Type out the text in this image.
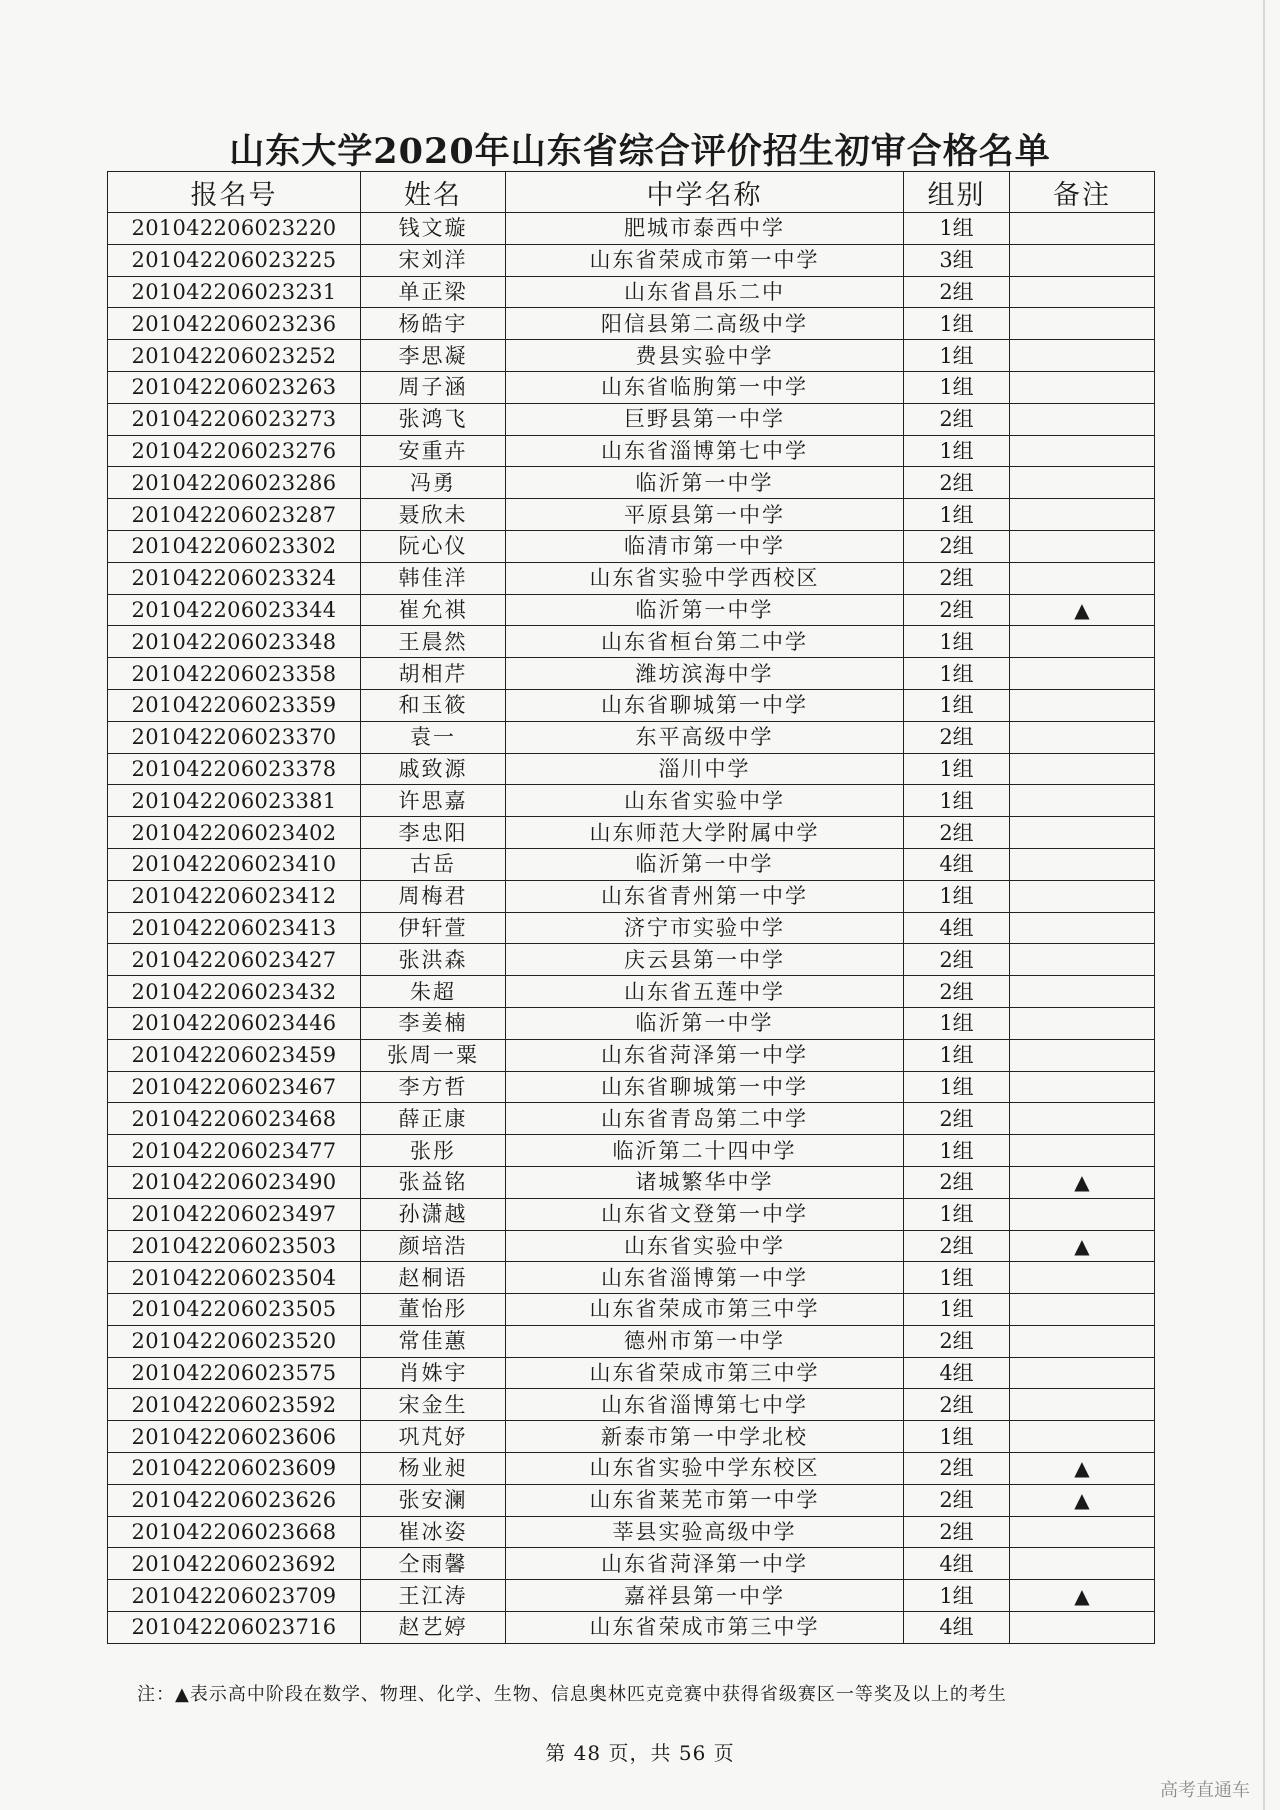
山东大学2020年山东省综合评价招生初审合格名单
报名号	姓名	中学名称	组别	备注
201042206023220	钱文璇	肥城市泰西中学	1组	
201042206023225	宋刘洋	山东省荣成市第一中学	3组	
201042206023231	单正梁	山东省昌乐二中	2组	
201042206023236	杨皓宇	阳信县第二高级中学	1组	
201042206023252	李思凝	费县实验中学	1组	
201042206023263	周子涵	山东省临朐第一中学	1组	
201042206023273	张鸿飞	巨野县第一中学	2组	
201042206023276	安重卉	山东省淄博第七中学	1组	
201042206023286	冯勇	临沂第一中学	2组	
201042206023287	聂欣未	平原县第一中学	1组	
201042206023302	阮心仪	临清市第一中学	2组	
201042206023324	韩佳洋	山东省实验中学西校区	2组	
201042206023344	崔允祺	临沂第一中学	2组	▲
201042206023348	王晨然	山东省桓台第二中学	1组	
201042206023358	胡相芹	潍坊滨海中学	1组	
201042206023359	和玉筱	山东省聊城第一中学	1组	
201042206023370	袁一	东平高级中学	2组	
201042206023378	戚致源	淄川中学	1组	
201042206023381	许思嘉	山东省实验中学	1组	
201042206023402	李忠阳	山东师范大学附属中学	2组	
201042206023410	古岳	临沂第一中学	4组	
201042206023412	周梅君	山东省青州第一中学	1组	
201042206023413	伊轩萱	济宁市实验中学	4组	
201042206023427	张洪森	庆云县第一中学	2组	
201042206023432	朱超	山东省五莲中学	2组	
201042206023446	李姜楠	临沂第一中学	1组	
201042206023459	张周一粟	山东省菏泽第一中学	1组	
201042206023467	李方哲	山东省聊城第一中学	1组	
201042206023468	薛正康	山东省青岛第二中学	2组	
201042206023477	张彤	临沂第二十四中学	1组	
201042206023490	张益铭	诸城繁华中学	2组	▲
201042206023497	孙潇越	山东省文登第一中学	1组	
201042206023503	颜培浩	山东省实验中学	2组	▲
201042206023504	赵桐语	山东省淄博第一中学	1组	
201042206023505	董怡彤	山东省荣成市第三中学	1组	
201042206023520	常佳蕙	德州市第一中学	2组	
201042206023575	肖姝宇	山东省荣成市第三中学	4组	
201042206023592	宋金生	山东省淄博第七中学	2组	
201042206023606	巩芃妤	新泰市第一中学北校	1组	
201042206023609	杨业昶	山东省实验中学东校区	2组	▲
201042206023626	张安澜	山东省莱芜市第一中学	2组	▲
201042206023668	崔冰姿	莘县实验高级中学	2组	
201042206023692	仝雨馨	山东省菏泽第一中学	4组	
201042206023709	王江涛	嘉祥县第一中学	1组	▲
201042206023716	赵艺婷	山东省荣成市第三中学	4组	
注：▲表示高中阶段在数学、物理、化学、生物、信息奥林匹克竞赛中获得省级赛区一等奖及以上的考生
第 48 页，共 56 页
高考直通车
